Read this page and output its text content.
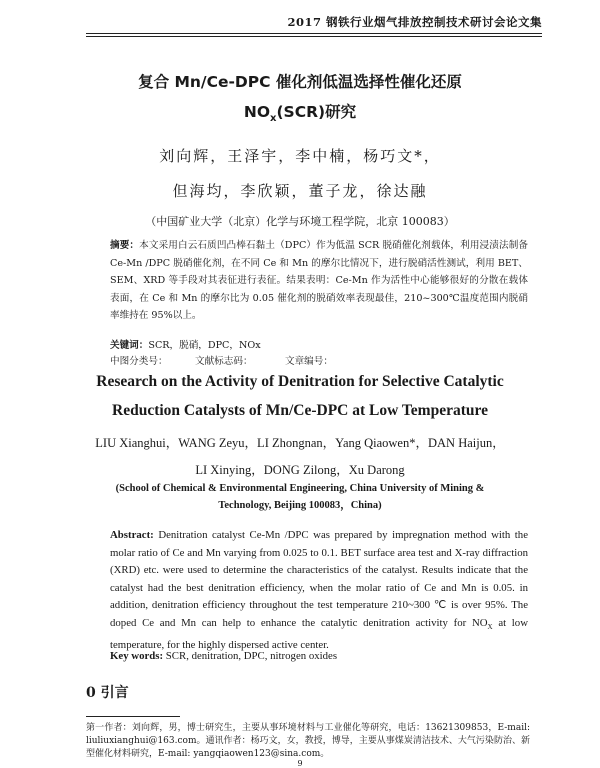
2017 钢铁行业烟气排放控制技术研讨会论文集
复合 Mn/Ce-DPC 催化剂低温选择性催化还原
$NO_x(SCR)$研究
刘向辉，王泽宇，李中楠，杨巧文*，
但海均，李欣颖，董子龙，徐达融
（中国矿业大学（北京）化学与环境工程学院，北京 100083）
摘要：本文采用白云石质凹凸棒石黏土（DPC）作为低温 SCR 脱硝催化剂载体，利用浸渍法制备 Ce-Mn /DPC 脱硝催化剂，在不同 Ce 和 Mn 的摩尔比情况下，进行脱硝活性测试，利用 BET、SEM、XRD 等手段对其表征进行表征。结果表明：Ce-Mn 作为活性中心能够很好的分散在载体表面，在 Ce 和 Mn 的摩尔比为 0.05 催化剂的脱硝效率表现最佳，210~300℃温度范围内脱硝率维持在 95%以上。
关键词：SCR，脱硝，DPC，NOx
中图分类号：	文献标志码：	文章编号：
Research on the Activity of Denitration for Selective Catalytic
Reduction Catalysts of Mn/Ce-DPC at Low Temperature
LIU Xianghui，WANG Zeyu，LI Zhongnan，Yang Qiaowen*，DAN Haijun，
LI Xinying，DONG Zilong，Xu Darong
(School of Chemical & Environmental Engineering, China University of Mining &
Technology, Beijing 100083，China)
Abstract: Denitration catalyst Ce-Mn /DPC was prepared by impregnation method with the molar ratio of Ce and Mn varying from 0.025 to 0.1. BET surface area test and X-ray diffraction (XRD) etc. were used to determine the characteristics of the catalyst. Results indicate that the catalyst had the best denitration efficiency, when the molar ratio of Ce and Mn is 0.05. in addition, denitration efficiency throughout the test temperature 210~300 ℃ is over 95%. The doped Ce and Mn can help to enhance the catalytic denitration activity for $NO_X$ at low temperature, for the highly dispersed active center.
Key words: SCR, denitration, DPC, nitrogen oxides
0 引言
第一作者：刘向辉，男，博士研究生，主要从事环境材料与工业催化等研究，电话：13621309853，E-mail: liuliuxianghui@163.com。通讯作者：杨巧文，女，教授，博导，主要从事煤炭清洁技术、大气污染防治、新型催化材料研究，E-mail: yangqiaowen123@sina.com。
9
